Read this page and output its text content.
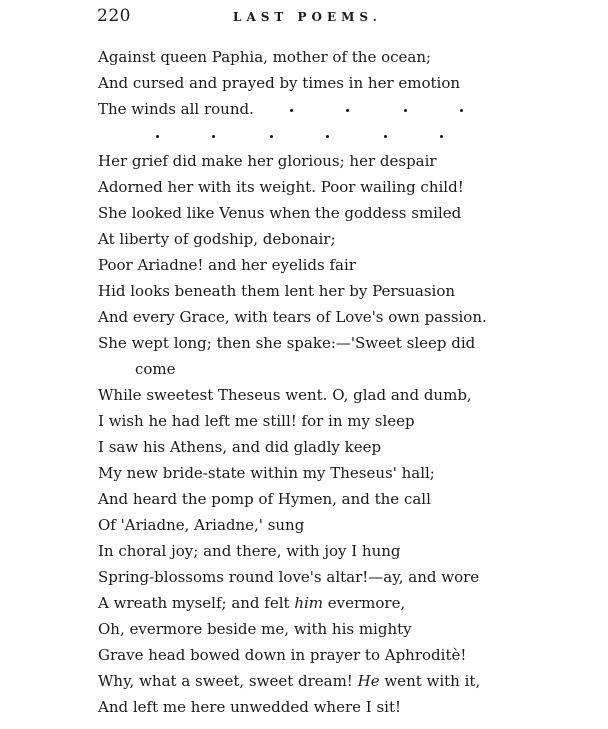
220	LAST POEMS.
Against queen Paphia, mother of the ocean;
And cursed and prayed by times in her emotion
The winds all round.
Her grief did make her glorious; her despair
Adorned her with its weight. Poor wailing child!
She looked like Venus when the goddess smiled
At liberty of godship, debonair;
Poor Ariadne! and her eyelids fair
Hid looks beneath them lent her by Persuasion
And every Grace, with tears of Love's own passion.
She wept long; then she spake:—'Sweet sleep did
come
While sweetest Theseus went. O, glad and dumb,
I wish he had left me still! for in my sleep
I saw his Athens, and did gladly keep
My new bride-state within my Theseus' hall;
And heard the pomp of Hymen, and the call
Of 'Ariadne, Ariadne,' sung
In choral joy; and there, with joy I hung
Spring-blossoms round love's altar!—ay, and wore
A wreath myself; and felt him evermore,
Oh, evermore beside me, with his mighty
Grave head bowed down in prayer to Aphroditè!
Why, what a sweet, sweet dream! He went with it,
And left me here unwedded where I sit!
